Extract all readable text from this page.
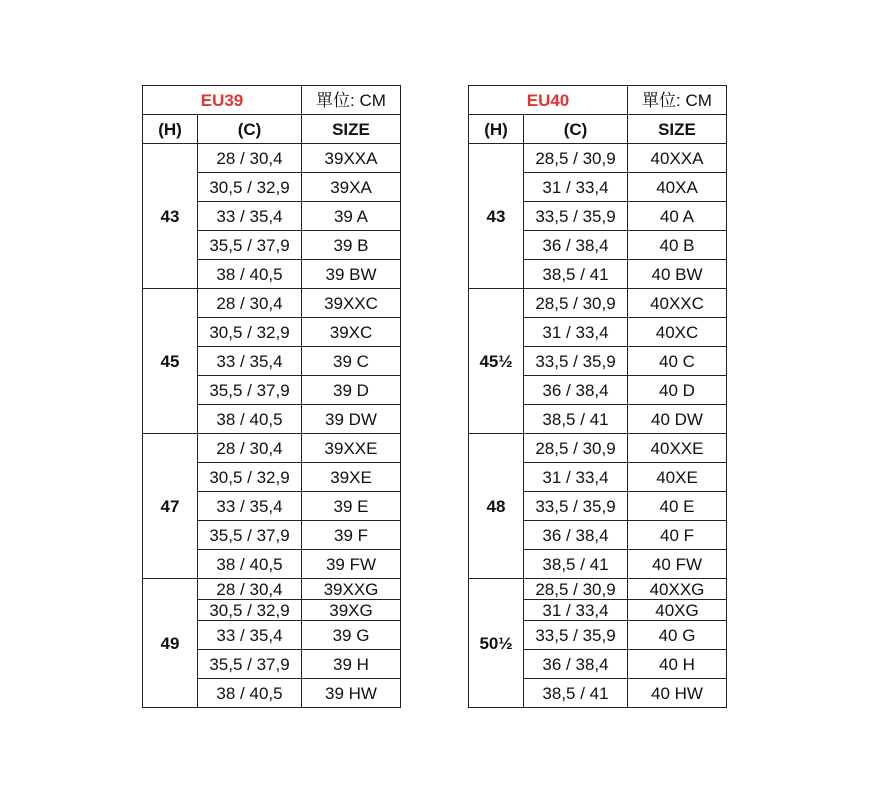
EU39		單位: CM
(H)	(C)	SIZE
43	28 / 30,4	39XXA
	30,5 / 32,9	39XA
	33 / 35,4	39 A
	35,5 / 37,9	39 B
	38 / 40,5	39 BW
45	28 / 30,4	39XXC
	30,5 / 32,9	39XC
	33 / 35,4	39 C
	35,5 / 37,9	39 D
	38 / 40,5	39 DW
47	28 / 30,4	39XXE
	30,5 / 32,9	39XE
	33 / 35,4	39 E
	35,5 / 37,9	39 F
	38 / 40,5	39 FW
49	28 / 30,4	39XXG
	30,5 / 32,9	39XG
	33 / 35,4	39 G
	35,5 / 37,9	39 H
	38 / 40,5	39 HW
EU40		單位: CM
(H)	(C)	SIZE
43	28,5 / 30,9	40XXA
	31 / 33,4	40XA
	33,5 / 35,9	40 A
	36 / 38,4	40 B
	38,5 / 41	40 BW
45½	28,5 / 30,9	40XXC
	31 / 33,4	40XC
	33,5 / 35,9	40 C
	36 / 38,4	40 D
	38,5 / 41	40 DW
48	28,5 / 30,9	40XXE
	31 / 33,4	40XE
	33,5 / 35,9	40 E
	36 / 38,4	40 F
	38,5 / 41	40 FW
50½	28,5 / 30,9	40XXG
	31 / 33,4	40XG
	33,5 / 35,9	40 G
	36 / 38,4	40 H
	38,5 / 41	40 HW
